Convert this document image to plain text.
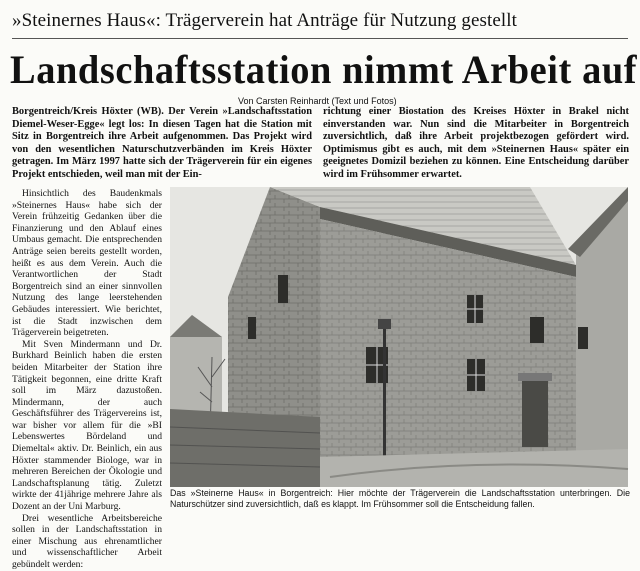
»Steinernes Haus«: Trägerverein hat Anträge für Nutzung gestellt
Landschaftsstation nimmt Arbeit auf
Von Carsten Reinhardt (Text und Fotos)

Borgentreich/Kreis Höxter (WB). Der Verein »Landschaftsstation Diemel-Weser-Egge« legt los: In diesen Tagen hat die Station mit Sitz in Borgentreich ihre Arbeit aufgenommen. Das Projekt wird von den wesentlichen Naturschutzverbänden im Kreis Höxter getragen. Im März 1997 hatte sich der Trägerverein für ein eigenes Projekt entschieden, weil man mit der Ein-

richtung einer Biostation des Kreises Höxter in Brakel nicht einverstanden war. Nun sind die Mitarbeiter in Borgentreich zuversichtlich, daß ihre Arbeit projektbezogen gefördert wird. Optimismus gibt es auch, mit dem »Steinernen Haus« später ein geeignetes Domizil beziehen zu können. Eine Entscheidung darüber wird im Frühsommer erwartet.

Hinsichtlich des Baudenkmals »Steinernes Haus« habe sich der Verein frühzeitig Gedanken über die Finanzierung und den Ablauf eines Umbaus gemacht. Die entsprechenden Anträge seien bereits gestellt worden, heißt es aus dem Verein. Auch die Verantwortlichen der Stadt Borgentreich sind an einer sinnvollen Nutzung des lange leerstehenden Gebäudes interessiert. Wie berichtet, ist die Stadt inzwischen dem Trägerverein beigetreten.

Mit Sven Mindermann und Dr. Burkhard Beinlich haben die ersten beiden Mitarbeiter der Station ihre Tätigkeit begonnen, eine dritte Kraft soll im März dazustoßen. Mindermann, der auch Geschäftsführer des Trägervereins ist, war bisher vor allem für die »BI Lebenswertes Bördeland und Diemeltal« aktiv. Dr. Beinlich, ein aus Höxter stammender Biologe, war in mehreren Bereichen der Ökologie und Landschaftsplanung tätig. Zuletzt wirkte der 41jährige mehrere Jahre als Dozent an der Uni Marburg.

Drei wesentliche Arbeitsbereiche sollen in der Landschaftsstation in einer Mischung aus ehrenamtlicher und wissenschaftlicher Arbeit gebündelt werden:

Das »Steinerne Haus« in Borgentreich: Hier möchte der Trägerverein die Landschaftsstation unterbringen. Die Naturschützer sind zuversichtlich, daß es klappt. Im Frühsommer soll die Entscheidung fallen.
